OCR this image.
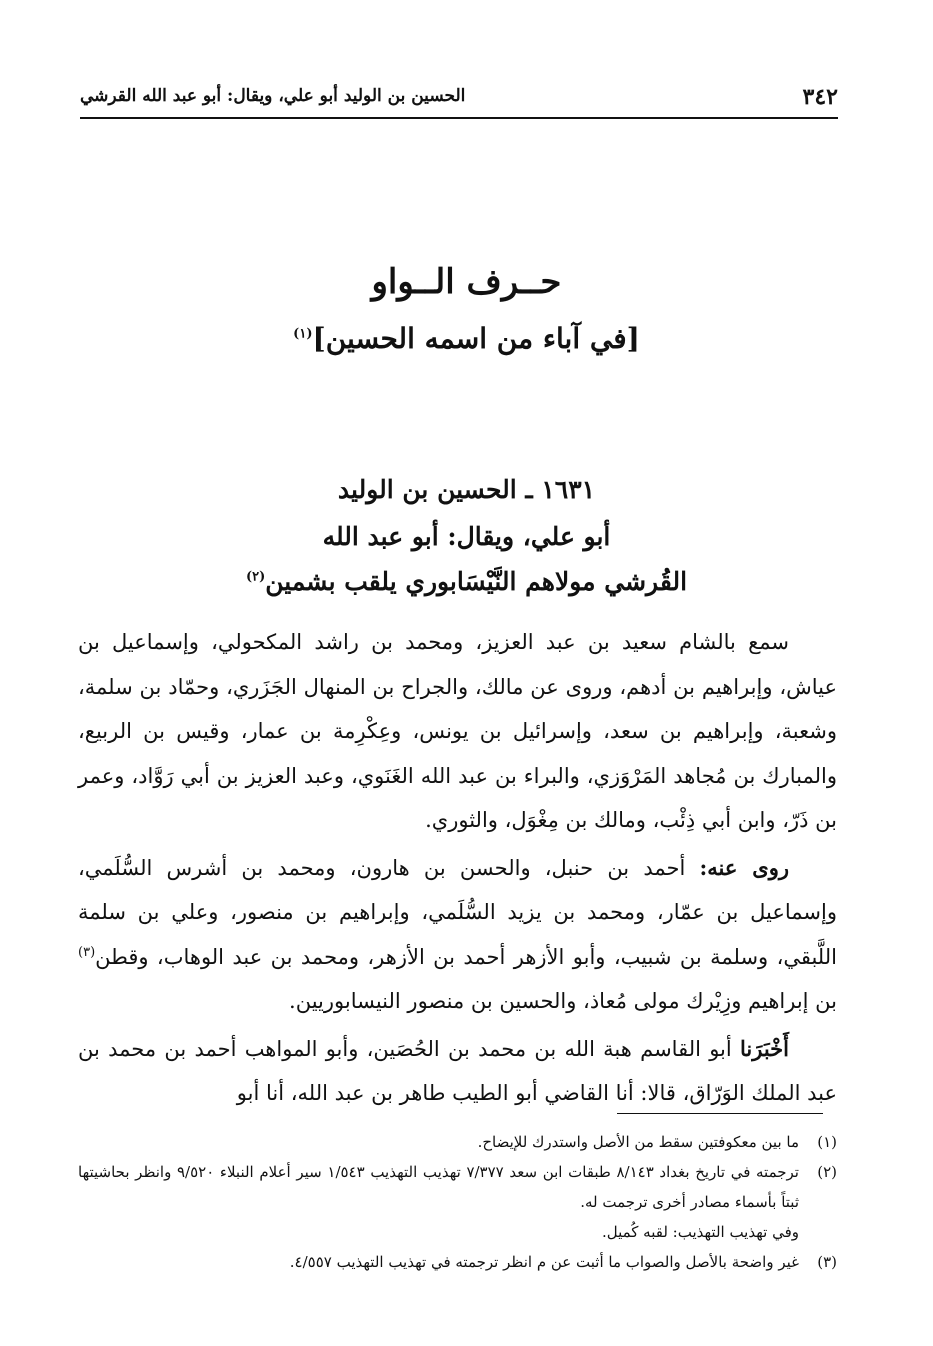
٣٤٢
الحسين بن الوليد أبو علي، ويقال: أبو عبد الله القرشي
حــرف الــواو
[في آباء من اسمه الحسين]$^{(١)}$
١٦٣١ ـ الحسين بن الوليد
أبو علي، ويقال: أبو عبد الله
القُرشي مولاهم النَّيْسَابوري يلقب بشمين$^{(٢)}$

سمع بالشام سعيد بن عبد العزيز، ومحمد بن راشد المكحولي، وإسماعيل بن عياش، وإبراهيم بن أدهم، وروى عن مالك، والجراح بن المنهال الجَزَري، وحمّاد بن سلمة، وشعبة، وإبراهيم بن سعد، وإسرائيل بن يونس، وعِكْرِمة بن عمار، وقيس بن الربيع، والمبارك بن مُجاهد المَرْوَزي، والبراء بن عبد الله الغَنَوي، وعبد العزيز بن أبي رَوَّاد، وعمر بن ذَرّ، وابن أبي ذِئْب، ومالك بن مِغْوَل، والثوري.

روى عنه: أحمد بن حنبل، والحسن بن هارون، ومحمد بن أشرس السُّلَمي، وإسماعيل بن عمّار، ومحمد بن يزيد السُّلَمي، وإبراهيم بن منصور، وعلي بن سلمة اللَّبقي، وسلمة بن شبيب، وأبو الأزهر أحمد بن الأزهر، ومحمد بن عبد الوهاب، وقطن$^{(٣)}$ بن إبراهيم وزِيْرك مولى مُعاذ، والحسين بن منصور النيسابوريين.

أَخْبَرَنا أبو القاسم هبة الله بن محمد بن الحُصَين، وأبو المواهب أحمد بن محمد بن عبد الملك الوَرّاق، قالا: أنا القاضي أبو الطيب طاهر بن عبد الله، أنا أبو

(١)
ما بين معكوفتين سقط من الأصل واستدرك للإيضاح.
(٢)
ترجمته في تاريخ بغداد ٨/١٤٣ طبقات ابن سعد ٧/٣٧٧ تهذيب التهذيب ١/٥٤٣ سير أعلام النبلاء ٩/٥٢٠ وانظر بحاشيتها ثبتاً بأسماء مصادر أخرى ترجمت له.
وفي تهذيب التهذيب: لقبه كُميل.
(٣)
غير واضحة بالأصل والصواب ما أثبت عن م انظر ترجمته في تهذيب التهذيب ٤/٥٥٧.
